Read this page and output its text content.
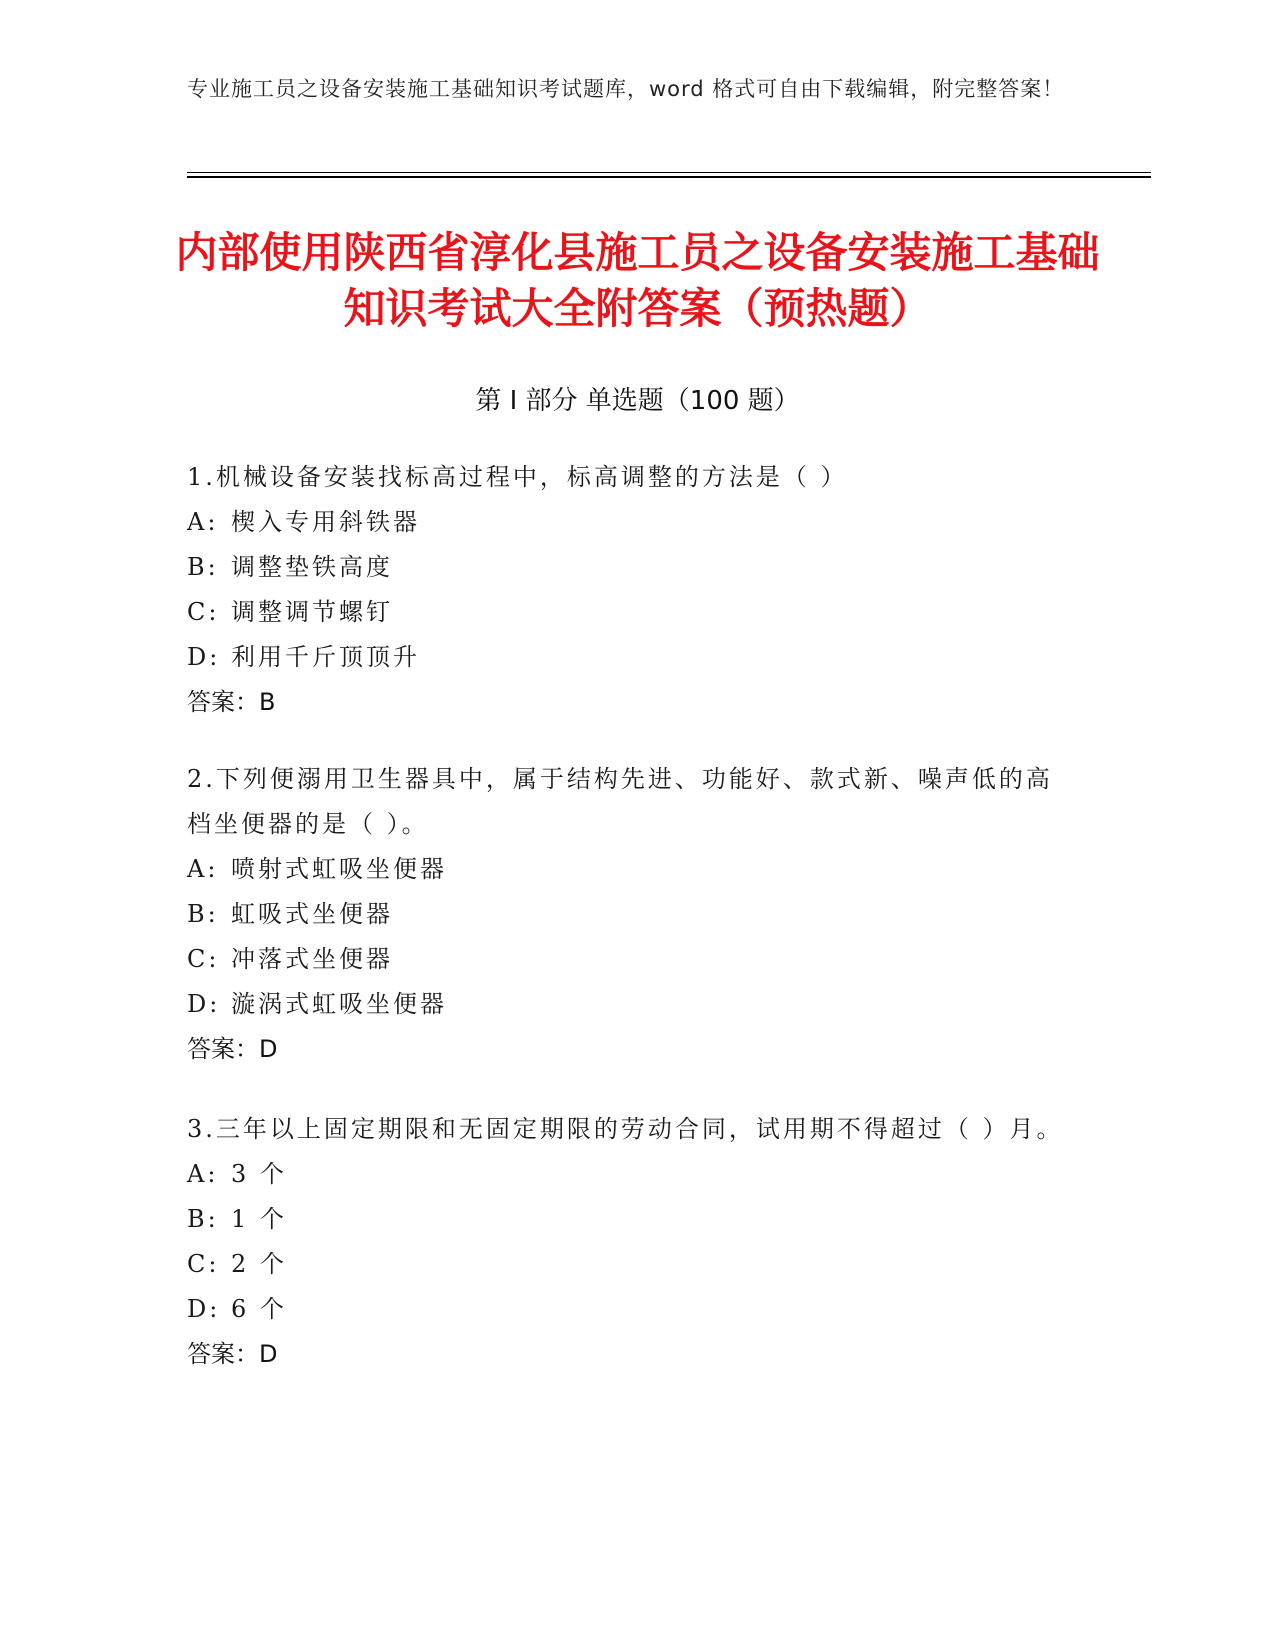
专业施工员之设备安装施工基础知识考试题库，word 格式可自由下载编辑，附完整答案！
内部使用陕西省淳化县施工员之设备安装施工基础知识考试大全附答案（预热题）
第 I 部分 单选题（100 题）
1.机械设备安装找标高过程中，标高调整的方法是（ ）
A: 楔入专用斜铁器
B: 调整垫铁高度
C: 调整调节螺钉
D: 利用千斤顶顶升
答案：B
2.下列便溺用卫生器具中，属于结构先进、功能好、款式新、噪声低的高档坐便器的是（ ）。
A: 喷射式虹吸坐便器
B: 虹吸式坐便器
C: 冲落式坐便器
D: 漩涡式虹吸坐便器
答案：D
3.三年以上固定期限和无固定期限的劳动合同，试用期不得超过（ ）月。
A: 3 个
B: 1 个
C: 2 个
D: 6 个
答案：D
